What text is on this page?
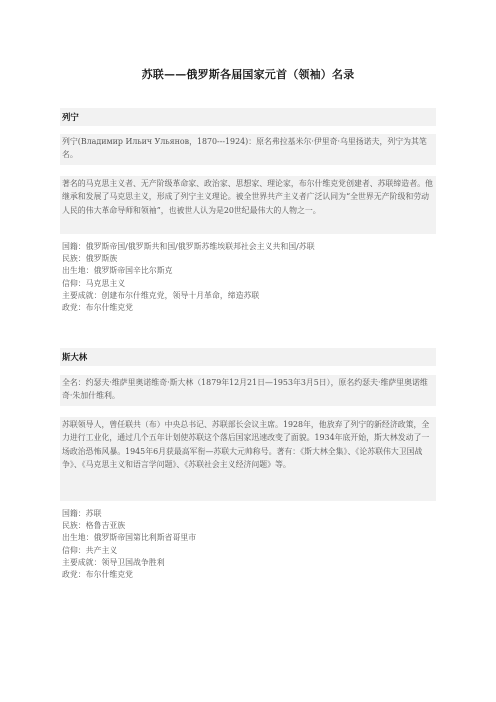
苏联——俄罗斯各届国家元首（领袖）名录
列宁
列宁(Владимир Ильич Ульянов，1870---1924)：原名弗拉基米尔·伊里奇·乌里扬诺夫，列宁为其笔名。
著名的马克思主义者、无产阶级革命家、政治家、思想家、理论家，布尔什维克党创建者、苏联缔造者。他继承和发展了马克思主义，形成了列宁主义理论。被全世界共产主义者广泛认同为“全世界无产阶级和劳动人民的伟大革命导师和领袖”，也被世人认为是20世纪最伟大的人物之一。
国籍：俄罗斯帝国/俄罗斯共和国/俄罗斯苏维埃联邦社会主义共和国/苏联
民族：俄罗斯族
出生地：俄罗斯帝国辛比尔斯克
信仰：马克思主义
主要成就：创建布尔什维克党，领导十月革命，缔造苏联
政党：布尔什维克党
斯大林
全名：约瑟夫·维萨里奥诺维奇·斯大林（1879年12月21日—1953年3月5日），原名约瑟夫·维萨里奥诺维奇·朱加什维利。
苏联领导人，曾任联共（布）中央总书记、苏联部长会议主席。1928年，他放弃了列宁的新经济政策，全力进行工业化，通过几个五年计划使苏联这个落后国家迅速改变了面貌。1934年底开始，斯大林发动了一场政治恐怖风暴。1945年6月获最高军衔—苏联大元帅称号。著有：《斯大林全集》、《论苏联伟大卫国战争》、《马克思主义和语言学问题》、《苏联社会主义经济问题》等。
国籍：苏联
民族：格鲁吉亚族
出生地：俄罗斯帝国第比利斯省哥里市
信仰：共产主义
主要成就：领导卫国战争胜利
政党：布尔什维克党
